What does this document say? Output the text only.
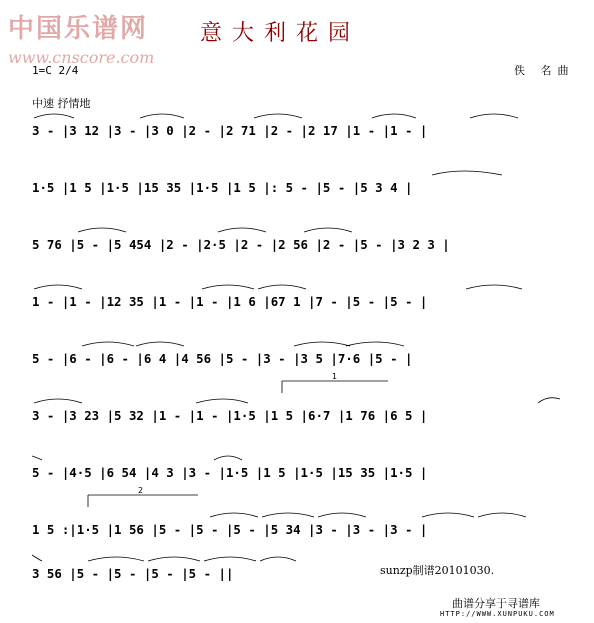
中国乐谱网
www.cnscore.com
意大利花园
1=C 2/4	佚 名曲
中速 抒情地
3 - |3 12 |3 - |3 0 |2 - |2 71 |2 - |2 17 |1 - |1 - |
1·5 |1 5 |1·5 |15 35 |1·5 |1 5 |: 5 - |5 - |5 3 4 |
5 76 |5 - |5 454 |2 - |2·5 |2 - |2 56 |2 - |5 - |3 2 3 |
1 - |1 - |12 35 |1 - |1 - |1 6 |67 1 |7 - |5 - |5 - |
5 - |6 - |6 - |6 4 |4 56 |5 - |3 - |3 5 |7·6 |5 - |
1
3 - |3 23 |5 32 |1 - |1 - |1·5 |1 5 |6·7 |1 76 |6 5 |
5 - |4·5 |6 54 |4 3 |3 - |1·5 |1 5 |1·5 |15 35 |1·5 |
2
1 5 :|1·5 |1 56 |5 - |5 - |5 - |5 34 |3 - |3 - |3 - |
3 56 |5 - |5 - |5 - |5 - ||	sunzp制谱20101030.
曲谱分享于寻谱库
HTTP://WWW.XUNPUKU.COM
